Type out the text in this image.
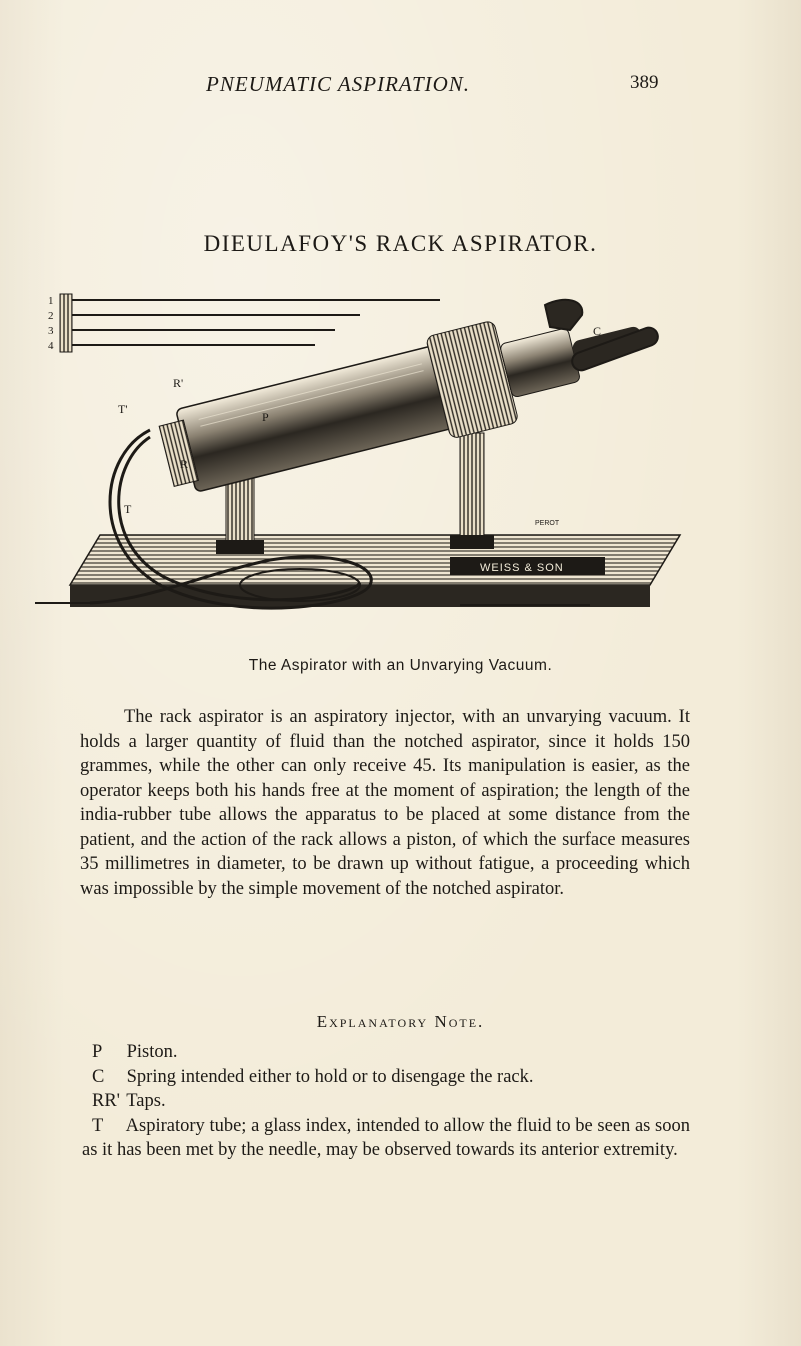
PNEUMATIC ASPIRATION.	389
DIEULAFOY'S RACK ASPIRATOR.
1
2
3
4
WEISS & SON
PEROT
C
R'
P
T'
R
T
The Aspirator with an Unvarying Vacuum.

The rack aspirator is an aspiratory injector, with an unvarying vacuum. It holds a larger quantity of fluid than the notched aspirator, since it holds 150 grammes, while the other can only receive 45. Its manipulation is easier, as the operator keeps both his hands free at the moment of aspiration; the length of the india-rubber tube allows the apparatus to be placed at some distance from the patient, and the action of the rack allows a piston, of which the surface measures 35 millimetres in diameter, to be drawn up without fatigue, a proceeding which was impossible by the simple movement of the notched aspirator.

Explanatory Note.
P Piston.
C Spring intended either to hold or to disengage the rack.
RR' Taps.
T Aspiratory tube; a glass index, intended to allow the fluid to be seen as soon as it has been met by the needle, may be observed towards its anterior extremity.
